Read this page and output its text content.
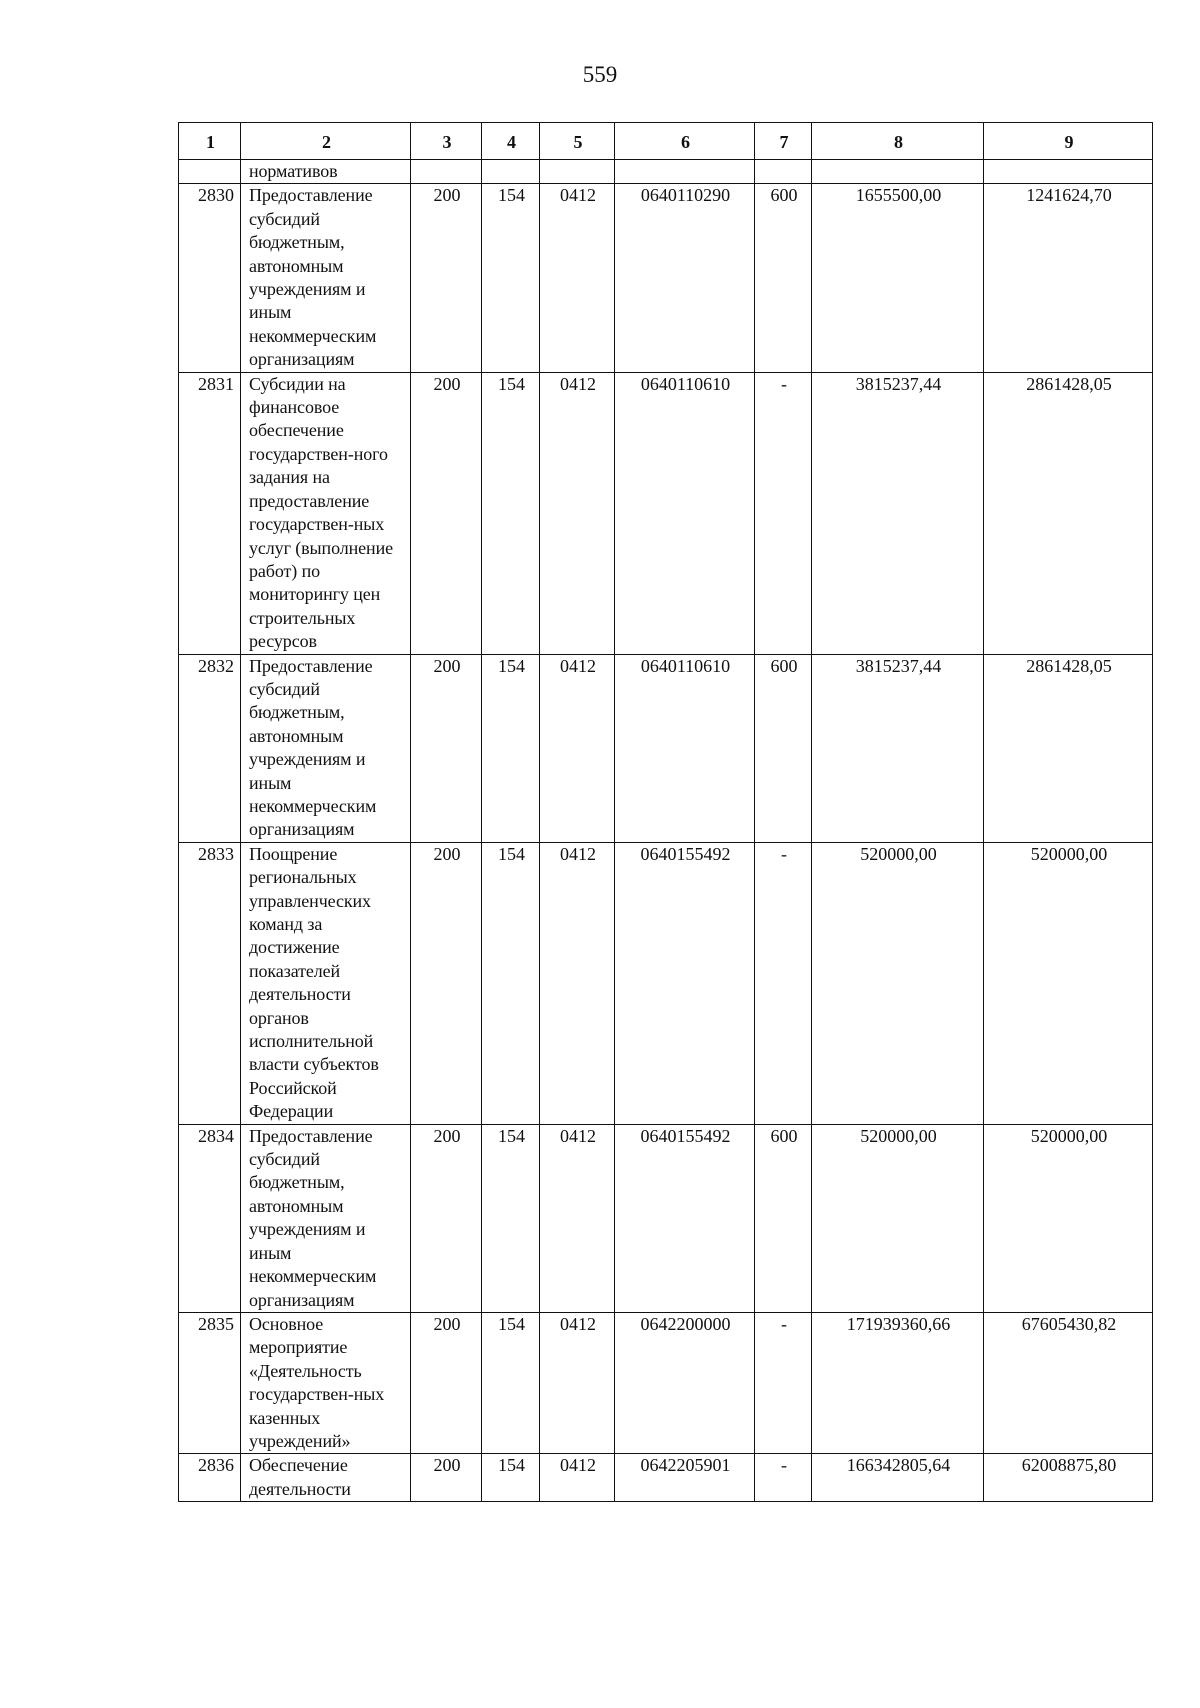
559
1	2	3	4	5	6	7	8	9
	нормативов							
2830	Предоставление субсидий бюджетным, автономным учреждениям и иным некоммерческим организациям	200	154	0412	0640110290	600	1655500,00	1241624,70
2831	Субсидии на финансовое обеспечение государствен-ного задания на предоставление государствен-ных услуг (выполнение работ) по мониторингу цен строительных ресурсов	200	154	0412	0640110610	-	3815237,44	2861428,05
2832	Предоставление субсидий бюджетным, автономным учреждениям и иным некоммерческим организациям	200	154	0412	0640110610	600	3815237,44	2861428,05
2833	Поощрение региональных управленческих команд за достижение показателей деятельности органов исполнительной власти субъектов Российской Федерации	200	154	0412	0640155492	-	520000,00	520000,00
2834	Предоставление субсидий бюджетным, автономным учреждениям и иным некоммерческим организациям	200	154	0412	0640155492	600	520000,00	520000,00
2835	Основное мероприятие «Деятельность государствен-ных казенных учреждений»	200	154	0412	0642200000	-	171939360,66	67605430,82
2836	Обеспечение деятельности	200	154	0412	0642205901	-	166342805,64	62008875,80
